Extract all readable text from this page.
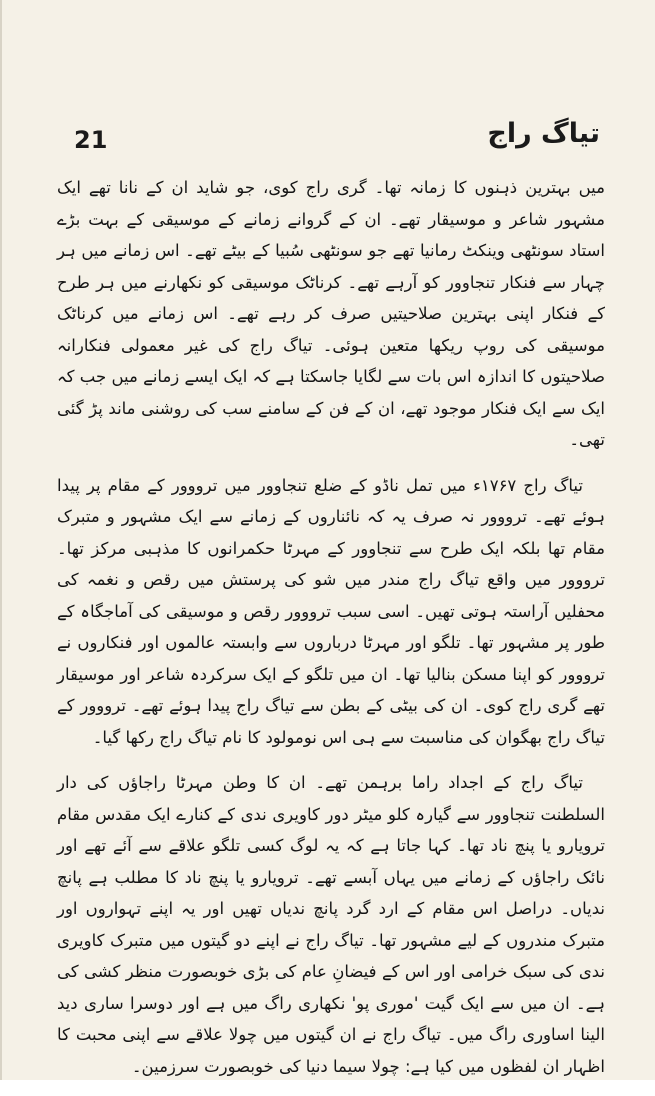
21	تیاگ راج

میں بہترین ذہنوں کا زمانہ تھا۔ گری راج کوی، جو شاید ان کے نانا تھے ایک مشہور شاعر و موسیقار تھے۔ ان کے گروانے زمانے کے موسیقی کے بہت بڑے استاد سونٹھی وینکٹ رمانیا تھے جو سونٹھی سُبیا کے بیٹے تھے۔ اس زمانے میں ہر چہار سے فنکار تنجاوور کو آرہے تھے۔ کرناٹک موسیقی کو نکھارنے میں ہر طرح کے فنکار اپنی بہترین صلاحیتیں صرف کر رہے تھے۔ اس زمانے میں کرناٹک موسیقی کی روپ ریکھا متعین ہوئی۔ تیاگ راج کی غیر معمولی فنکارانہ صلاحیتوں کا اندازہ اس بات سے لگایا جاسکتا ہے کہ ایک ایسے زمانے میں جب کہ ایک سے ایک فنکار موجود تھے، ان کے فن کے سامنے سب کی روشنی ماند پڑ گئی تھی۔

تیاگ راج ۱۷۶۷ء میں تمل ناڈو کے ضلع تنجاوور میں ترووور کے مقام پر پیدا ہوئے تھے۔ ترووور نہ صرف یہ کہ نائناروں کے زمانے سے ایک مشہور و متبرک مقام تھا بلکہ ایک طرح سے تنجاوور کے مہرٹا حکمرانوں کا مذہبی مرکز تھا۔ ترووور میں واقع تیاگ راج مندر میں شو کی پرستش میں رقص و نغمہ کی محفلیں آراستہ ہوتی تھیں۔ اسی سبب ترووور رقص و موسیقی کی آماجگاہ کے طور پر مشہور تھا۔ تلگو اور مہرٹا درباروں سے وابستہ عالموں اور فنکاروں نے ترووور کو اپنا مسکن بنالیا تھا۔ ان میں تلگو کے ایک سرکردہ شاعر اور موسیقار تھے گری راج کوی۔ ان کی بیٹی کے بطن سے تیاگ راج پیدا ہوئے تھے۔ ترووور کے تیاگ راج بھگوان کی مناسبت سے ہی اس نومولود کا نام تیاگ راج رکھا گیا۔

تیاگ راج کے اجداد راما برہمن تھے۔ ان کا وطن مہرٹا راجاؤں کی دار السلطنت تنجاوور سے گیارہ کلو میٹر دور کاویری ندی کے کنارے ایک مقدس مقام ترویارو یا پنچ ناد تھا۔ کہا جاتا ہے کہ یہ لوگ کسی تلگو علاقے سے آئے تھے اور نائک راجاؤں کے زمانے میں یہاں آبسے تھے۔ ترویارو یا پنچ ناد کا مطلب ہے پانچ ندیاں۔ دراصل اس مقام کے ارد گرد پانچ ندیاں تھیں اور یہ اپنے تہواروں اور متبرک مندروں کے لیے مشہور تھا۔ تیاگ راج نے اپنے دو گیتوں میں متبرک کاویری ندی کی سبک خرامی اور اس کے فیضانِ عام کی بڑی خوبصورت منظر کشی کی ہے۔ ان میں سے ایک گیت 'موری پو' نکھاری راگ میں ہے اور دوسرا ساری دید الینا اساوری راگ میں۔ تیاگ راج نے ان گیتوں میں چولا علاقے سے اپنی محبت کا اظہار ان لفظوں میں کیا ہے: چولا سیما دنیا کی خوبصورت سرزمین۔
